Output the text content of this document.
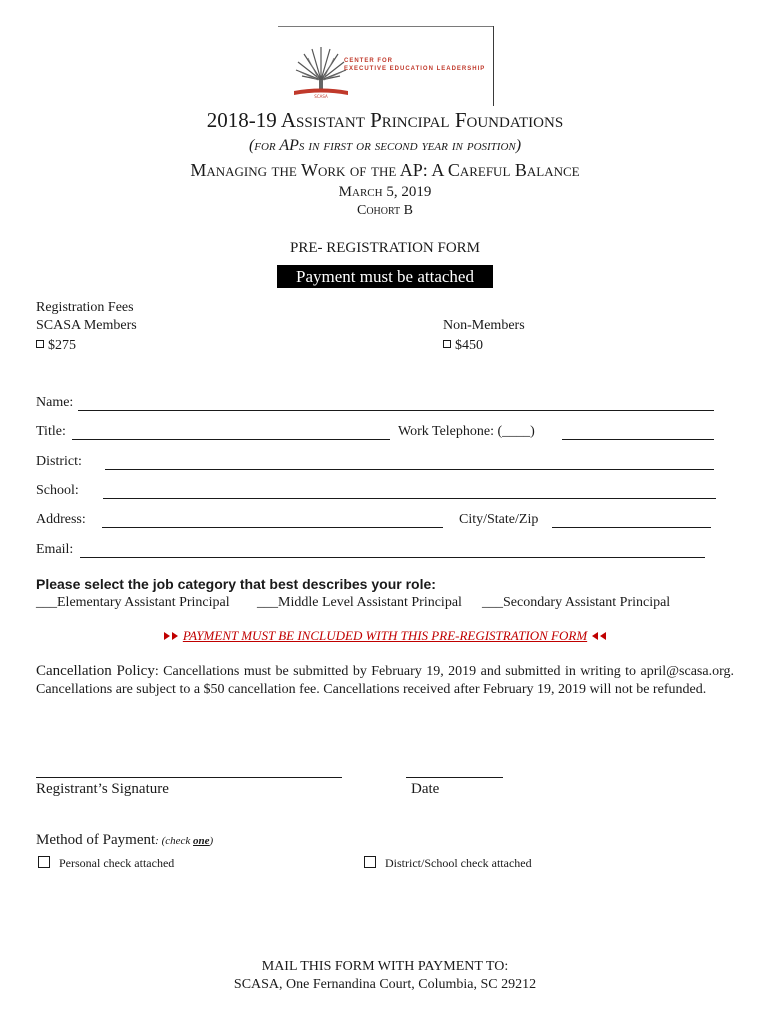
SCASA
CENTER FOR
EXECUTIVE EDUCATION LEADERSHIP
2018-19 Assistant Principal Foundations
(for APs in first or second year in position)
Managing the Work of the AP: A Careful Balance
March 5, 2019
Cohort B
PRE- REGISTRATION FORM
Payment must be attached
Registration Fees
SCASA Members
$275
Non-Members
$450
Name:
Title:	Work Telephone: (____)
District:
School:
Address:	City/State/Zip
Email:
Please select the job category that best describes your role:
___Elementary Assistant Principal ___Middle Level Assistant Principal ___Secondary Assistant Principal
PAYMENT MUST BE INCLUDED WITH THIS PRE-REGISTRATION FORM
Cancellation Policy: Cancellations must be submitted by February 19, 2019 and submitted in writing to april@scasa.org. Cancellations are subject to a $50 cancellation fee. Cancellations received after February 19, 2019 will not be refunded.
Registrant’s Signature	Date
Method of Payment: (check one)
Personal check attached	District/School check attached
MAIL THIS FORM WITH PAYMENT TO:
SCASA, One Fernandina Court, Columbia, SC 29212
